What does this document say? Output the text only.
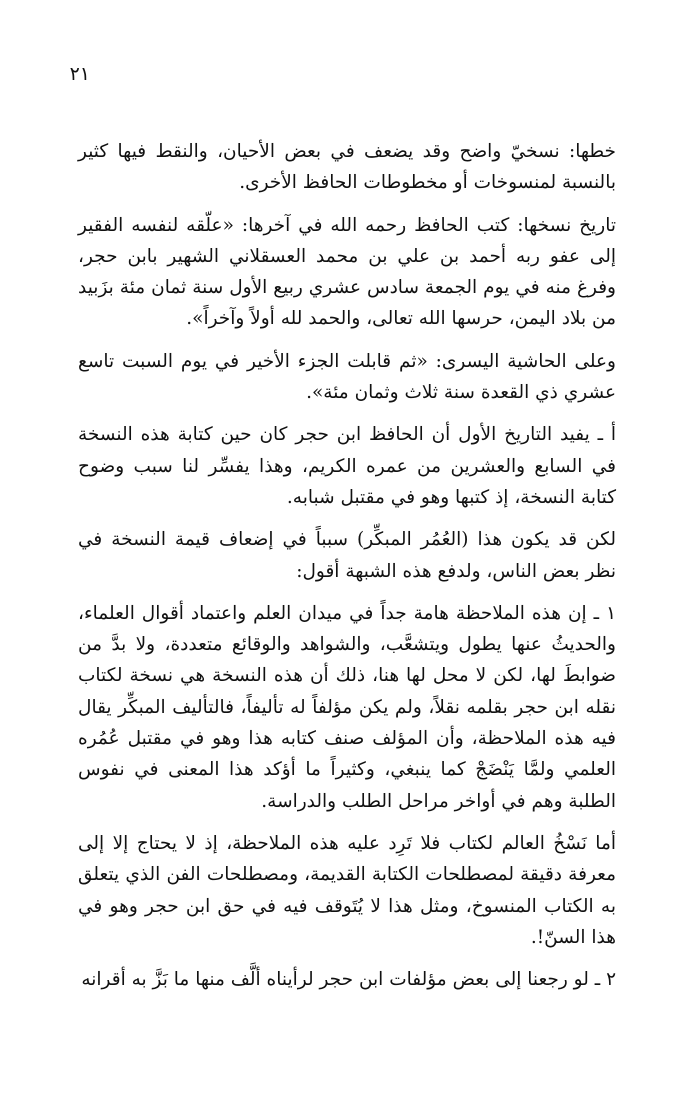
٢١

خطها: نسخيّ واضح وقد يضعف في بعض الأحيان، والنقط فيها كثير بالنسبة لمنسوخات أو مخطوطات الحافظ الأخرى.

تاريخ نسخها: كتب الحافظ رحمه الله في آخرها: «علّقه لنفسه الفقير إلى عفو ربه أحمد بن علي بن محمد العسقلاني الشهير بابن حجر، وفرغ منه في يوم الجمعة سادس عشري ربيع الأول سنة ثمان مئة بزَبيد من بلاد اليمن، حرسها الله تعالى، والحمد لله أولاً وآخراً».

وعلى الحاشية اليسرى: «ثم قابلت الجزء الأخير في يوم السبت تاسع عشري ذي القعدة سنة ثلاث وثمان مئة».

أ ـ يفيد التاريخ الأول أن الحافظ ابن حجر كان حين كتابة هذه النسخة في السابع والعشرين من عمره الكريم، وهذا يفسِّر لنا سبب وضوح كتابة النسخة، إذ كتبها وهو في مقتبل شبابه.

لكن قد يكون هذا (العُمُر المبكِّر) سبباً في إضعاف قيمة النسخة في نظر بعض الناس، ولدفع هذه الشبهة أقول:

١ ـ إن هذه الملاحظة هامة جداً في ميدان العلم واعتماد أقوال العلماء، والحديثُ عنها يطول ويتشعَّب، والشواهد والوقائع متعددة، ولا بدَّ من ضوابطَ لها، لكن لا محل لها هنا، ذلك أن هذه النسخة هي نسخة لكتاب نقله ابن حجر بقلمه نقلاً، ولم يكن مؤلفاً له تأليفاً، فالتأليف المبكِّر يقال فيه هذه الملاحظة، وأن المؤلف صنف كتابه هذا وهو في مقتبل عُمُره العلمي ولمَّا يَنْضَجْ كما ينبغي، وكثيراً ما أؤكد هذا المعنى في نفوس الطلبة وهم في أواخر مراحل الطلب والدراسة.

أما نَسْخُ العالم لكتاب فلا تَرِد عليه هذه الملاحظة، إذ لا يحتاج إلا إلى معرفة دقيقة لمصطلحات الكتابة القديمة، ومصطلحات الفن الذي يتعلق به الكتاب المنسوخ، ومثل هذا لا يُتَوقف فيه في حق ابن حجر وهو في هذا السنّ!.

٢ ـ لو رجعنا إلى بعض مؤلفات ابن حجر لرأيناه ألَّف منها ما بَزَّ به أقرانه
